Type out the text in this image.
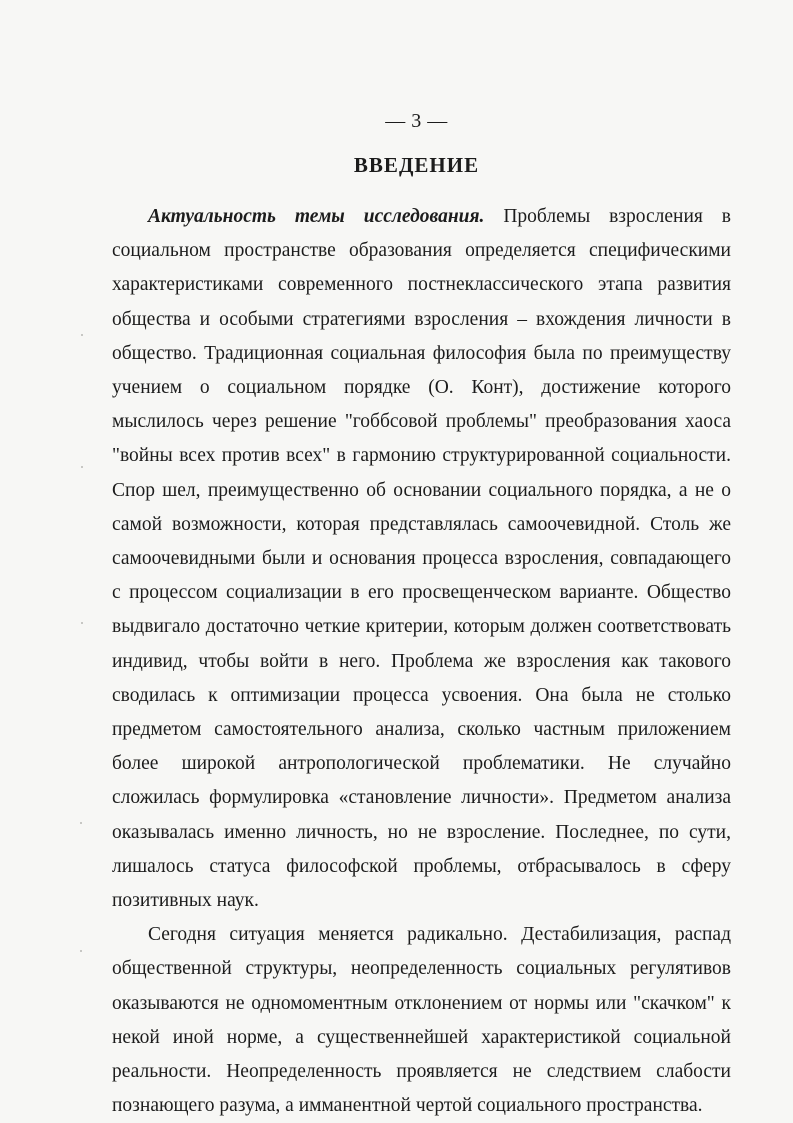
— 3 —
ВВЕДЕНИЕ

Актуальность темы исследования. Проблемы взросления в социальном пространстве образования определяется специфическими характеристиками современного постнеклассического этапа развития общества и особыми стратегиями взросления – вхождения личности в общество. Традиционная социальная философия была по преимуществу учением о социальном порядке (О. Конт), достижение которого мыслилось через решение "гоббсовой проблемы" преобразования хаоса "войны всех против всех" в гармонию структурированной социальности. Спор шел, преимущественно об основании социального порядка, а не о самой возможности, которая представлялась самоочевидной. Столь же самоочевидными были и основания процесса взросления, совпадающего с процессом социализации в его просвещенческом варианте. Общество выдвигало достаточно четкие критерии, которым должен соответствовать индивид, чтобы войти в него. Проблема же взросления как такового сводилась к оптимизации процесса усвоения. Она была не столько предметом самостоятельного анализа, сколько частным приложением более широкой антропологической проблематики. Не случайно сложилась формулировка «становление личности». Предметом анализа оказывалась именно личность, но не взросление. Последнее, по сути, лишалось статуса философской проблемы, отбрасывалось в сферу позитивных наук.

Сегодня ситуация меняется радикально. Дестабилизация, распад общественной структуры, неопределенность социальных регулятивов оказываются не одномоментным отклонением от нормы или "скачком" к некой иной норме, а существеннейшей характеристикой социальной реальности. Неопределенность проявляется не следствием слабости познающего разума, а имманентной чертой социального пространства.
